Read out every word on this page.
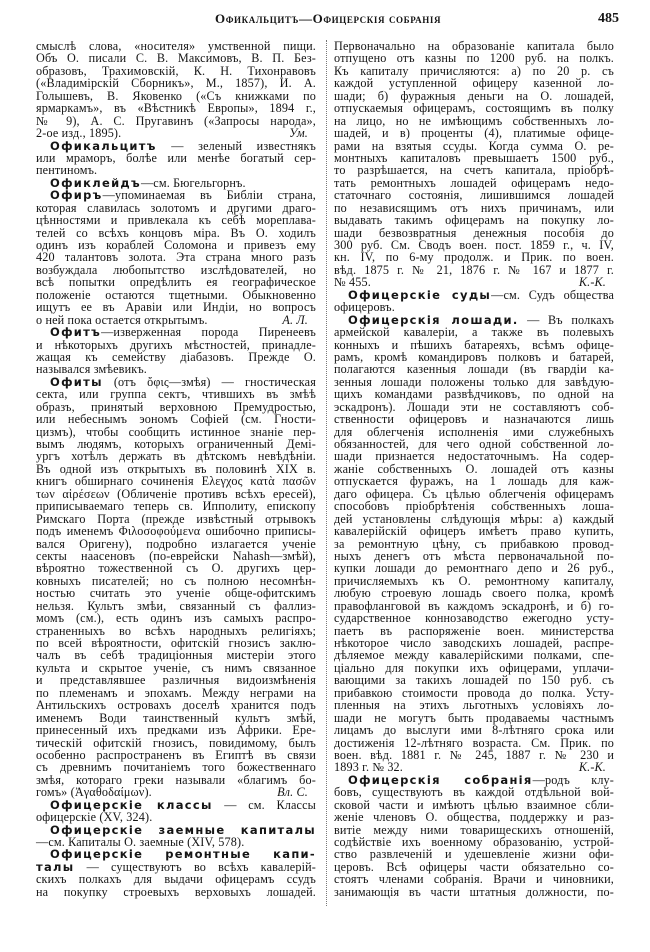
Офикальцитъ—Офицерскія собранія	485
смыслѣ слова, «носителя» умственной пищи.
Объ О. писали С. В. Максимовъ, В. П. Без-
образовъ, Трахимовскій, К. Н. Тихонравовъ
(«Владимірскій Сборникъ», М., 1857), И. А.
Голышевъ, В. Яковенко («Съ книжками по
ярмаркамъ», въ «Вѣстникѣ Европы», 1894 г.,
№ 9), А. С. Пругавинъ («Запросы народа»,
2-ое изд., 1895).	Ум.
Офикальцитъ — зеленый известнякъ
или мраморъ, болѣе или менѣе богатый сер-
пентиномъ.
Офиклейдъ—см. Бюгельгорнъ.
Офиръ—упоминаемая въ Библіи страна,
которая славилась золотомъ и другими драго-
цѣнностями и привлекала къ себѣ мореплава-
телей со всѣхъ концовъ міра. Въ О. ходилъ
одинъ изъ кораблей Соломона и привезъ ему
420 талантовъ золота. Эта страна много разъ
возбуждала любопытство изслѣдователей, но
всѣ попытки опредѣлить ея географическое
положеніе остаются тщетными. Обыкновенно
ищутъ ее въ Аравіи или Индіи, но вопросъ
о ней пока остается открытымъ.	А. Л.
Офитъ—изверженная порода Пиренеевъ
и нѣкоторыхъ другихъ мѣстностей, принадле-
жащая къ семейству діабазовъ. Прежде О.
назывался змѣевикъ.
Офиты (отъ ὄφις—змѣя) — гностическая
секта, или группа сектъ, чтившихъ въ змѣѣ
образъ, принятый верховною Премудростью,
или небеснымъ эономъ Софіей (см. Гности-
цизмъ), чтобы сообщить истинное знаніе пер-
вымъ людямъ, которыхъ ограниченный Демі-
ургъ хотѣлъ держать въ дѣтскомъ невѣдѣніи.
Въ одной изъ открытыхъ въ половинѣ XIX в.
книгъ обширнаго сочиненія Ελεγχος κατὰ πασῶν
των αἱρέσεων (Обличеніе противъ всѣхъ ересей),
приписываемаго теперь св. Ипполиту, епископу
Римскаго Порта (прежде извѣстный отрывокъ
подъ именемъ Φιλοσοφούμενα ошибочно приписы-
вался Оригену), подробно излагается ученіе
секты наасеновъ (по-еврейски Nahash—змѣй),
вѣроятно тожественной съ О. другихъ цер-
ковныхъ писателей; но съ полною несомнѣн-
ностью считать это ученіе обще-офитскимъ
нельзя. Культъ змѣи, связанный съ фаллиз-
момъ (см.), есть одинъ изъ самыхъ распро-
страненныхъ во всѣхъ народныхъ религіяхъ;
по всей вѣроятности, офитскій гнозисъ заклю-
чалъ въ себѣ традиціонныя мистеріи этого
культа и скрытое ученіе, съ нимъ связанное
и представлявшее различныя видоизмѣненія
по племенамъ и эпохамъ. Между неграми на
Антильскихъ островахъ доселѣ хранится подъ
именемъ Води таинственный культъ змѣй,
принесенный ихъ предками изъ Африки. Ере-
тическій офитскій гнозисъ, повидимому, былъ
особенно распространенъ въ Египтѣ въ связи
съ древнимъ почитаніемъ того божественнаго
змѣя, котораго греки называли «благимъ бо-
гомъ» (Ἀγαθοδαίμων).	Вл. С.
Офицерскіе классы — см. Классы
офицерскіе (XV, 324).
Офицерскіе заемные капиталы
—см. Капиталы О. заемные (XIV, 578).
Офицерскіе ремонтные капи-
талы — существуютъ во всѣхъ кавалерій-
скихъ полкахъ для выдачи офицерамъ ссудъ
на покупку строевыхъ верховыхъ лошадей.
Первоначально на образованіе капитала было
отпущено отъ казны по 1200 руб. на полкъ.
Къ капиталу причисляются: а) по 20 р. съ
каждой уступленной офицеру казенной ло-
шади; б) фуражныя деньги на О. лошадей,
отпускаемыя офицерамъ, состоящимъ въ полку
на лицо, но не имѣющимъ собственныхъ ло-
шадей, и в) проценты (4), платимые офице-
рами на взятыя ссуды. Когда сумма О. ре-
монтныхъ капиталовъ превышаетъ 1500 руб.,
то разрѣшается, на счетъ капитала, пріобрѣ-
тать ремонтныхъ лошадей офицерамъ недо-
статочнаго состоянія, лишившимся лошадей
по независящимъ отъ нихъ причинамъ, или
выдавать такимъ офицерамъ на покупку ло-
шади безвозвратныя денежныя пособія до
300 руб. См. Сводъ воен. пост. 1859 г., ч. IV,
кн. IV, по 6-му продолж. и Прик. по воен.
вѣд. 1875 г. № 21, 1876 г. № 167 и 1877 г.
№ 455.	К.-К.
Офицерскіе суды—см. Судъ общества
офицеровъ.
Офицерскія лошади. — Въ полкахъ
армейской кавалеріи, а также въ полевыхъ
конныхъ и пѣшихъ батареяхъ, всѣмъ офице-
рамъ, кромѣ командировъ полковъ и батарей,
полагаются казенныя лошади (въ гвардіи ка-
зенныя лошади положены только для завѣдую-
щихъ командами развѣдчиковъ, по одной на
эскадронъ). Лошади эти не составляютъ соб-
ственности офицеровъ и назначаются лишь
для облегченія исполненія ими служебныхъ
обязанностей, для чего одной собственной ло-
шади признается недостаточнымъ. На содер-
жаніе собственныхъ О. лошадей отъ казны
отпускается фуражъ, на 1 лошадь для каж-
даго офицера. Съ цѣлью облегченія офицерамъ
способовъ пріобрѣтенія собственныхъ лоша-
дей установлены слѣдующія мѣры: а) каждый
кавалерійскій офицеръ имѣетъ право купить,
за ремонтную цѣну, съ прибавкою провод-
ныхъ денегъ отъ мѣста первоначальной по-
купки лошади до ремонтнаго депо и 26 руб.,
причисляемыхъ къ О. ремонтному капиталу,
любую строевую лошадь своего полка, кромѣ
правофланговой въ каждомъ эскадронѣ, и б) го-
сударственное коннозаводство ежегодно усту-
паетъ въ распоряженіе воен. министерства
нѣкоторое число заводскихъ лошадей, распре-
дѣляемое между кавалерійскими полками, спе-
ціально для покупки ихъ офицерами, уплачи-
вающими за такихъ лошадей по 150 руб. съ
прибавкою стоимости провода до полка. Усту-
пленныя на этихъ льготныхъ условіяхъ ло-
шади не могутъ быть продаваемы частнымъ
лицамъ до выслуги ими 8-лѣтняго срока или
достиженія 12-лѣтняго возраста. См. Прик. по
воен. вѣд. 1881 г. № 245, 1887 г. № 230 и
1893 г. № 32.	К.-К.
Офицерскія собранія—родъ клу-
бовъ, существуютъ въ каждой отдѣльной вой-
сковой части и имѣютъ цѣлью взаимное сбли-
женіе членовъ О. общества, поддержку и раз-
витіе между ними товарищескихъ отношеній,
содѣйствіе ихъ военному образованію, устрой-
ство развлеченій и удешевленіе жизни офи-
церовъ. Всѣ офицеры части обязательно со-
стоятъ членами собранія. Врачи и чиновники,
занимающія въ части штатныя должности, по-
